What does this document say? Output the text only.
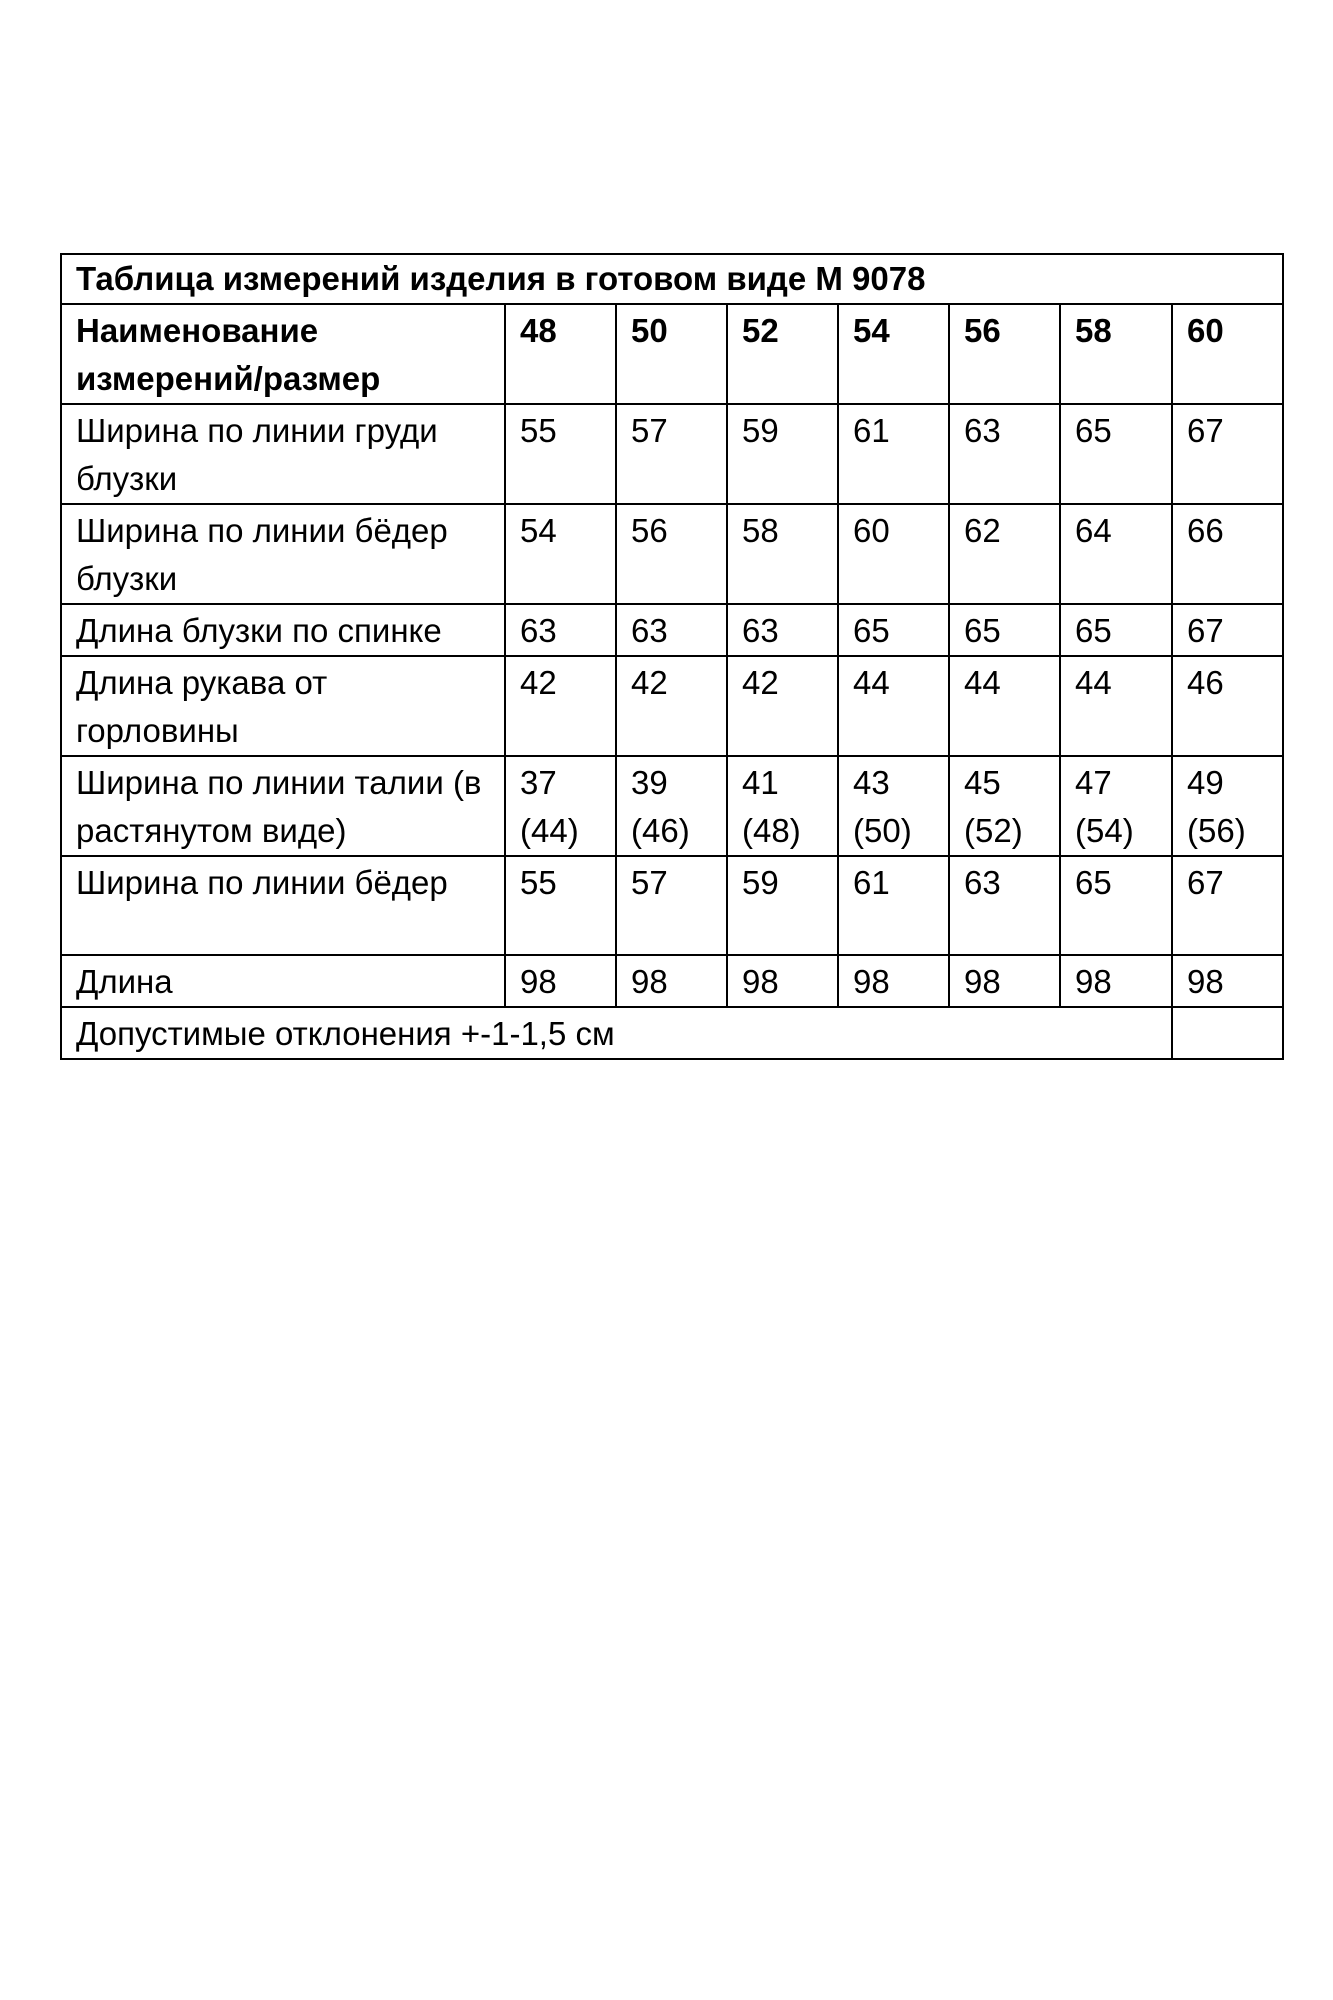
Таблица измерений изделия в готовом виде М 9078							
Наименование измерений/размер	48	50	52	54	56	58	60
Ширина по линии груди блузки	55	57	59	61	63	65	67
Ширина по линии бёдер блузки	54	56	58	60	62	64	66
Длина блузки по спинке	63	63	63	65	65	65	67
Длина рукава от горловины	42	42	42	44	44	44	46
Ширина по линии талии (в растянутом виде)	37 (44)	39 (46)	41 (48)	43 (50)	45 (52)	47 (54)	49 (56)
Ширина по линии бёдер	55	57	59	61	63	65	67
Длина	98	98	98	98	98	98	98
Допустимые отклонения +-1-1,5 см							
